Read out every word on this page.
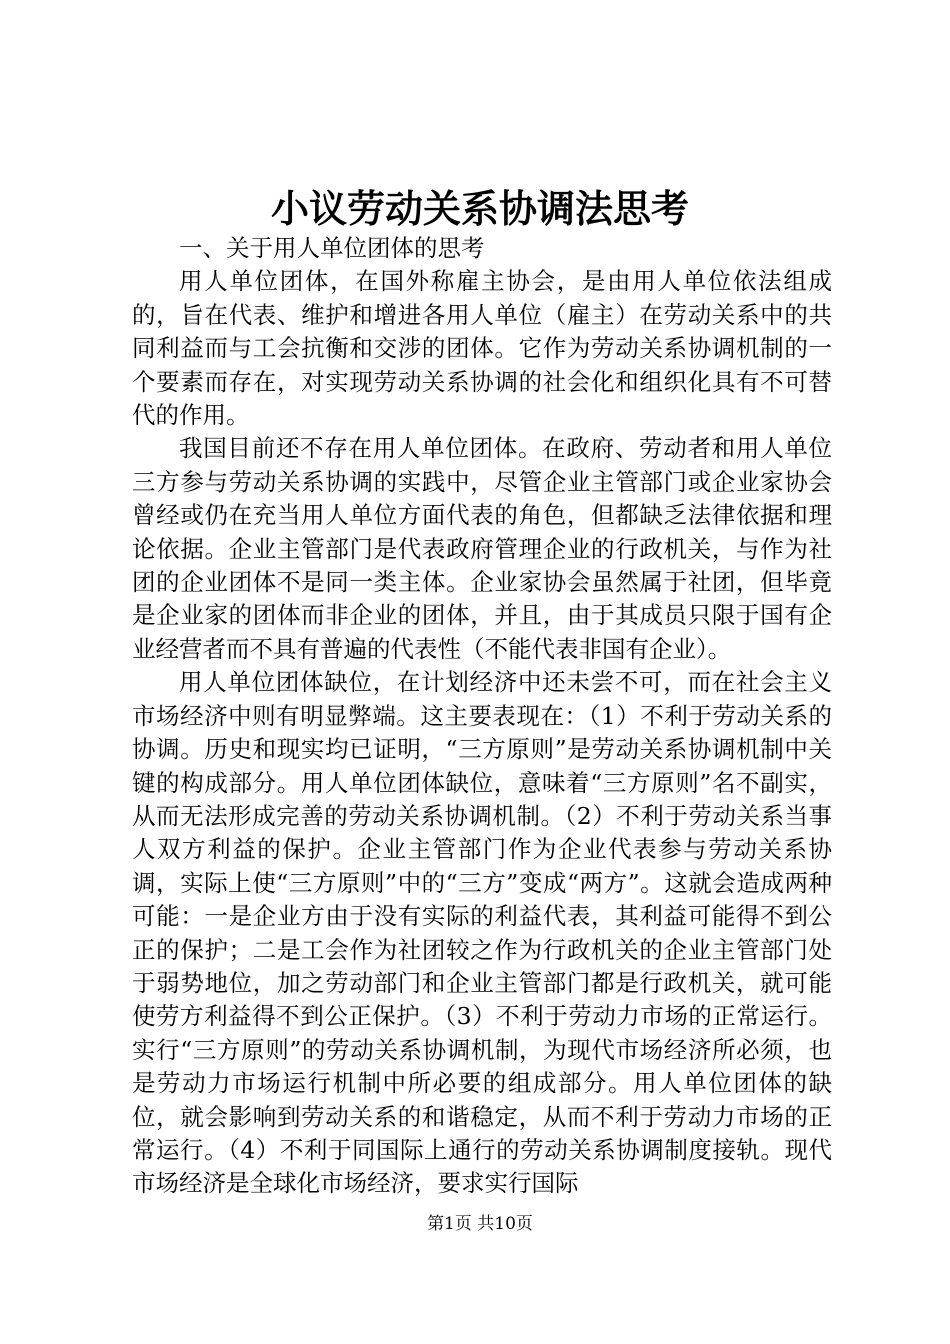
小议劳动关系协调法思考

一、关于用人单位团体的思考

用人单位团体，在国外称雇主协会，是由用人单位依法组成的，旨在代表、维护和增进各用人单位（雇主）在劳动关系中的共同利益而与工会抗衡和交涉的团体。它作为劳动关系协调机制的一个要素而存在，对实现劳动关系协调的社会化和组织化具有不可替代的作用。

我国目前还不存在用人单位团体。在政府、劳动者和用人单位三方参与劳动关系协调的实践中，尽管企业主管部门或企业家协会曾经或仍在充当用人单位方面代表的角色，但都缺乏法律依据和理论依据。企业主管部门是代表政府管理企业的行政机关，与作为社团的企业团体不是同一类主体。企业家协会虽然属于社团，但毕竟是企业家的团体而非企业的团体，并且，由于其成员只限于国有企业经营者而不具有普遍的代表性（不能代表非国有企业）。

用人单位团体缺位，在计划经济中还未尝不可，而在社会主义市场经济中则有明显弊端。这主要表现在：（1）不利于劳动关系的协调。历史和现实均已证明，“三方原则”是劳动关系协调机制中关键的构成部分。用人单位团体缺位，意味着“三方原则”名不副实，从而无法形成完善的劳动关系协调机制。（2）不利于劳动关系当事人双方利益的保护。企业主管部门作为企业代表参与劳动关系协调，实际上使“三方原则”中的“三方”变成“两方”。这就会造成两种可能：一是企业方由于没有实际的利益代表，其利益可能得不到公正的保护；二是工会作为社团较之作为行政机关的企业主管部门处于弱势地位，加之劳动部门和企业主管部门都是行政机关，就可能使劳方利益得不到公正保护。（3）不利于劳动力市场的正常运行。实行“三方原则”的劳动关系协调机制，为现代市场经济所必须，也是劳动力市场运行机制中所必要的组成部分。用人单位团体的缺位，就会影响到劳动关系的和谐稳定，从而不利于劳动力市场的正常运行。（4）不利于同国际上通行的劳动关系协调制度接轨。现代市场经济是全球化市场经济，要求实行国际

第1页 共10页
